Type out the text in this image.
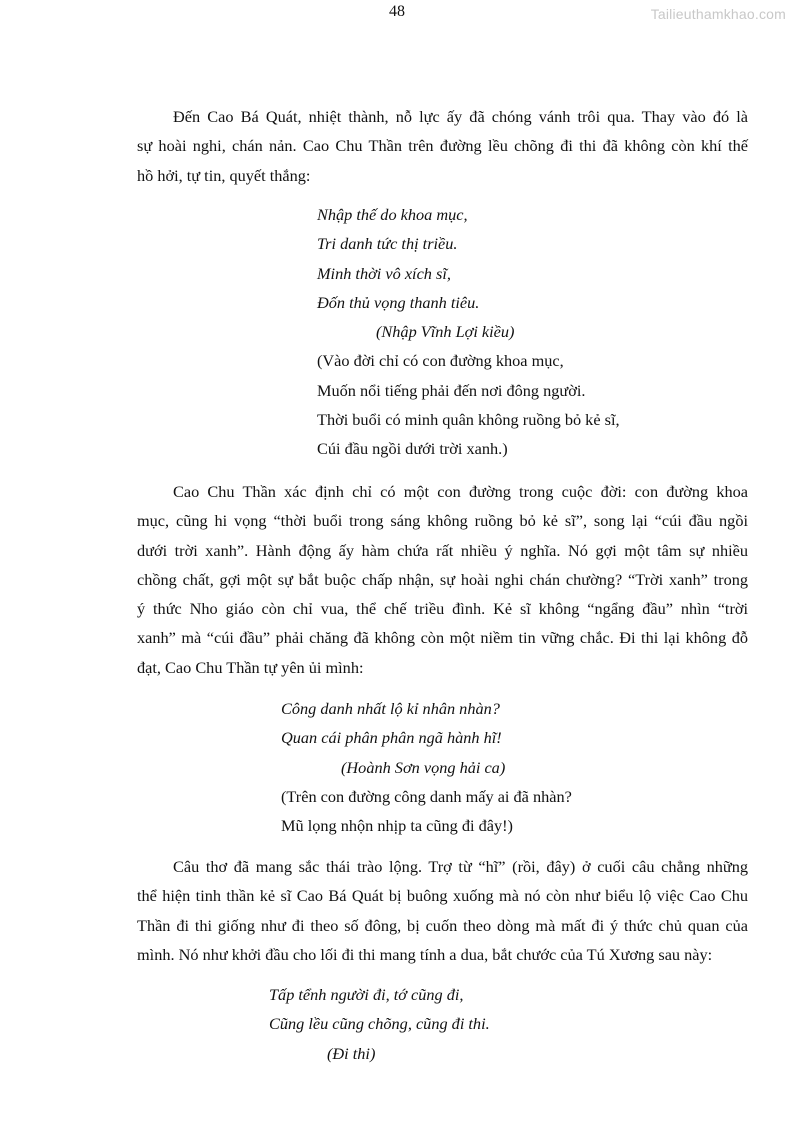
48	Tailieuthamkhao.com

Đến Cao Bá Quát, nhiệt thành, nỗ lực ấy đã chóng vánh trôi qua. Thay vào đó là
sự hoài nghi, chán nản. Cao Chu Thần trên đường lều chõng đi thi đã không còn khí thế
hồ hởi, tự tin, quyết thắng:

Nhập thế do khoa mục,
Tri danh tức thị triều.
Minh thời vô xích sĩ,
Đốn thủ vọng thanh tiêu.
(Nhập Vĩnh Lợi kiều)
(Vào đời chỉ có con đường khoa mục,
Muốn nổi tiếng phải đến nơi đông người.
Thời buổi có minh quân không ruồng bỏ kẻ sĩ,
Cúi đầu ngồi dưới trời xanh.)

Cao Chu Thần xác định chỉ có một con đường trong cuộc đời: con đường khoa
mục, cũng hi vọng “thời buổi trong sáng không ruồng bỏ kẻ sĩ”, song lại “cúi đầu ngồi
dưới trời xanh”. Hành động ấy hàm chứa rất nhiều ý nghĩa. Nó gợi một tâm sự nhiều
chồng chất, gợi một sự bắt buộc chấp nhận, sự hoài nghi chán chường? “Trời xanh” trong
ý thức Nho giáo còn chỉ vua, thể chế triều đình. Kẻ sĩ không “ngẩng đầu” nhìn “trời
xanh” mà “cúi đầu” phải chăng đã không còn một niềm tin vững chắc. Đi thi lại không đỗ
đạt, Cao Chu Thần tự yên ủi mình:

Công danh nhất lộ kỉ nhân nhàn?
Quan cái phân phân ngã hành hĩ!
(Hoành Sơn vọng hải ca)
(Trên con đường công danh mấy ai đã nhàn?
Mũ lọng nhộn nhịp ta cũng đi đây!)

Câu thơ đã mang sắc thái trào lộng. Trợ từ “hĩ” (rồi, đây) ở cuối câu chẳng những
thể hiện tinh thần kẻ sĩ Cao Bá Quát bị buông xuống mà nó còn như biểu lộ việc Cao Chu
Thần đi thi giống như đi theo số đông, bị cuốn theo dòng mà mất đi ý thức chủ quan của
mình. Nó như khởi đầu cho lối đi thi mang tính a dua, bắt chước của Tú Xương sau này:

Tấp tểnh người đi, tớ cũng đi,
Cũng lều cũng chõng, cũng đi thi.
(Đi thi)
